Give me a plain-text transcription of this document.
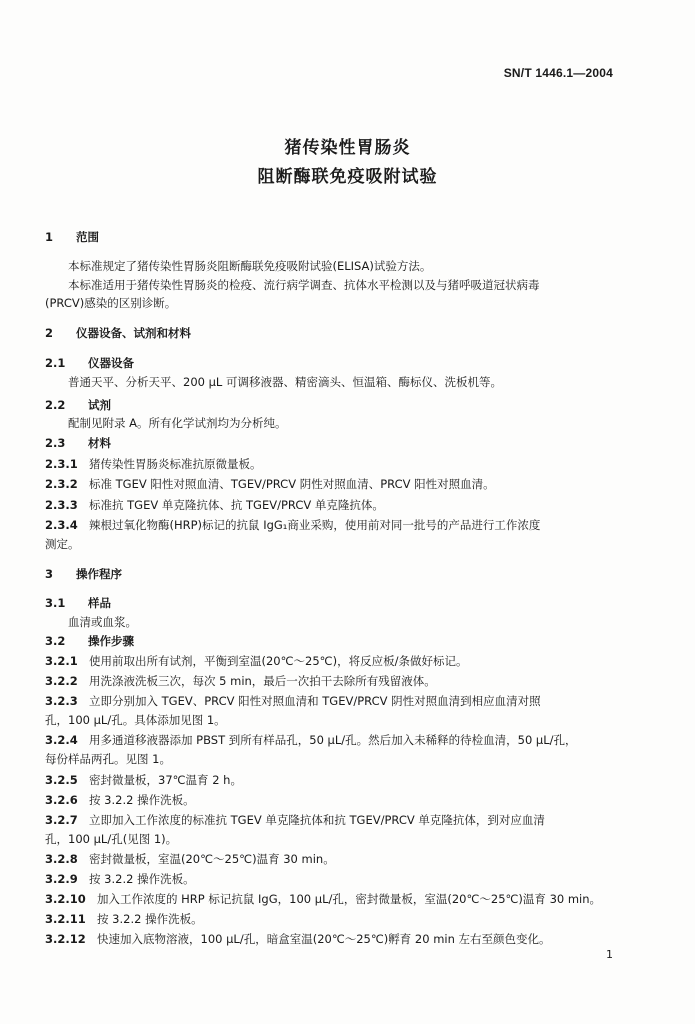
SN/T 1446.1—2004
猪传染性胃肠炎
阻断酶联免疫吸附试验
1 范围
本标准规定了猪传染性胃肠炎阻断酶联免疫吸附试验(ELISA)试验方法。
本标准适用于猪传染性胃肠炎的检疫、流行病学调查、抗体水平检测以及与猪呼吸道冠状病毒
(PRCV)感染的区别诊断。
2 仪器设备、试剂和材料
2.1 仪器设备
普通天平、分析天平、200 μL 可调移液器、精密滴头、恒温箱、酶标仪、洗板机等。
2.2 试剂
配制见附录 A。所有化学试剂均为分析纯。
2.3 材料
2.3.1 猪传染性胃肠炎标准抗原微量板。
2.3.2 标准 TGEV 阳性对照血清、TGEV/PRCV 阴性对照血清、PRCV 阳性对照血清。
2.3.3 标准抗 TGEV 单克隆抗体、抗 TGEV/PRCV 单克隆抗体。
2.3.4 辣根过氧化物酶(HRP)标记的抗鼠 IgG₁商业采购，使用前对同一批号的产品进行工作浓度
测定。
3 操作程序
3.1 样品
血清或血浆。
3.2 操作步骤
3.2.1 使用前取出所有试剂，平衡到室温(20℃～25℃)，将反应板/条做好标记。
3.2.2 用洗涤液洗板三次，每次 5 min，最后一次拍干去除所有残留液体。
3.2.3 立即分别加入 TGEV、PRCV 阳性对照血清和 TGEV/PRCV 阴性对照血清到相应血清对照
孔，100 μL/孔。具体添加见图 1。
3.2.4 用多通道移液器添加 PBST 到所有样品孔，50 μL/孔。然后加入未稀释的待检血清，50 μL/孔，
每份样品两孔。见图 1。
3.2.5 密封微量板，37℃温育 2 h。
3.2.6 按 3.2.2 操作洗板。
3.2.7 立即加入工作浓度的标准抗 TGEV 单克隆抗体和抗 TGEV/PRCV 单克隆抗体，到对应血清
孔，100 μL/孔(见图 1)。
3.2.8 密封微量板，室温(20℃～25℃)温育 30 min。
3.2.9 按 3.2.2 操作洗板。
3.2.10 加入工作浓度的 HRP 标记抗鼠 IgG，100 μL/孔，密封微量板，室温(20℃～25℃)温育 30 min。
3.2.11 按 3.2.2 操作洗板。
3.2.12 快速加入底物溶液，100 μL/孔，暗盒室温(20℃～25℃)孵育 20 min 左右至颜色变化。
1
